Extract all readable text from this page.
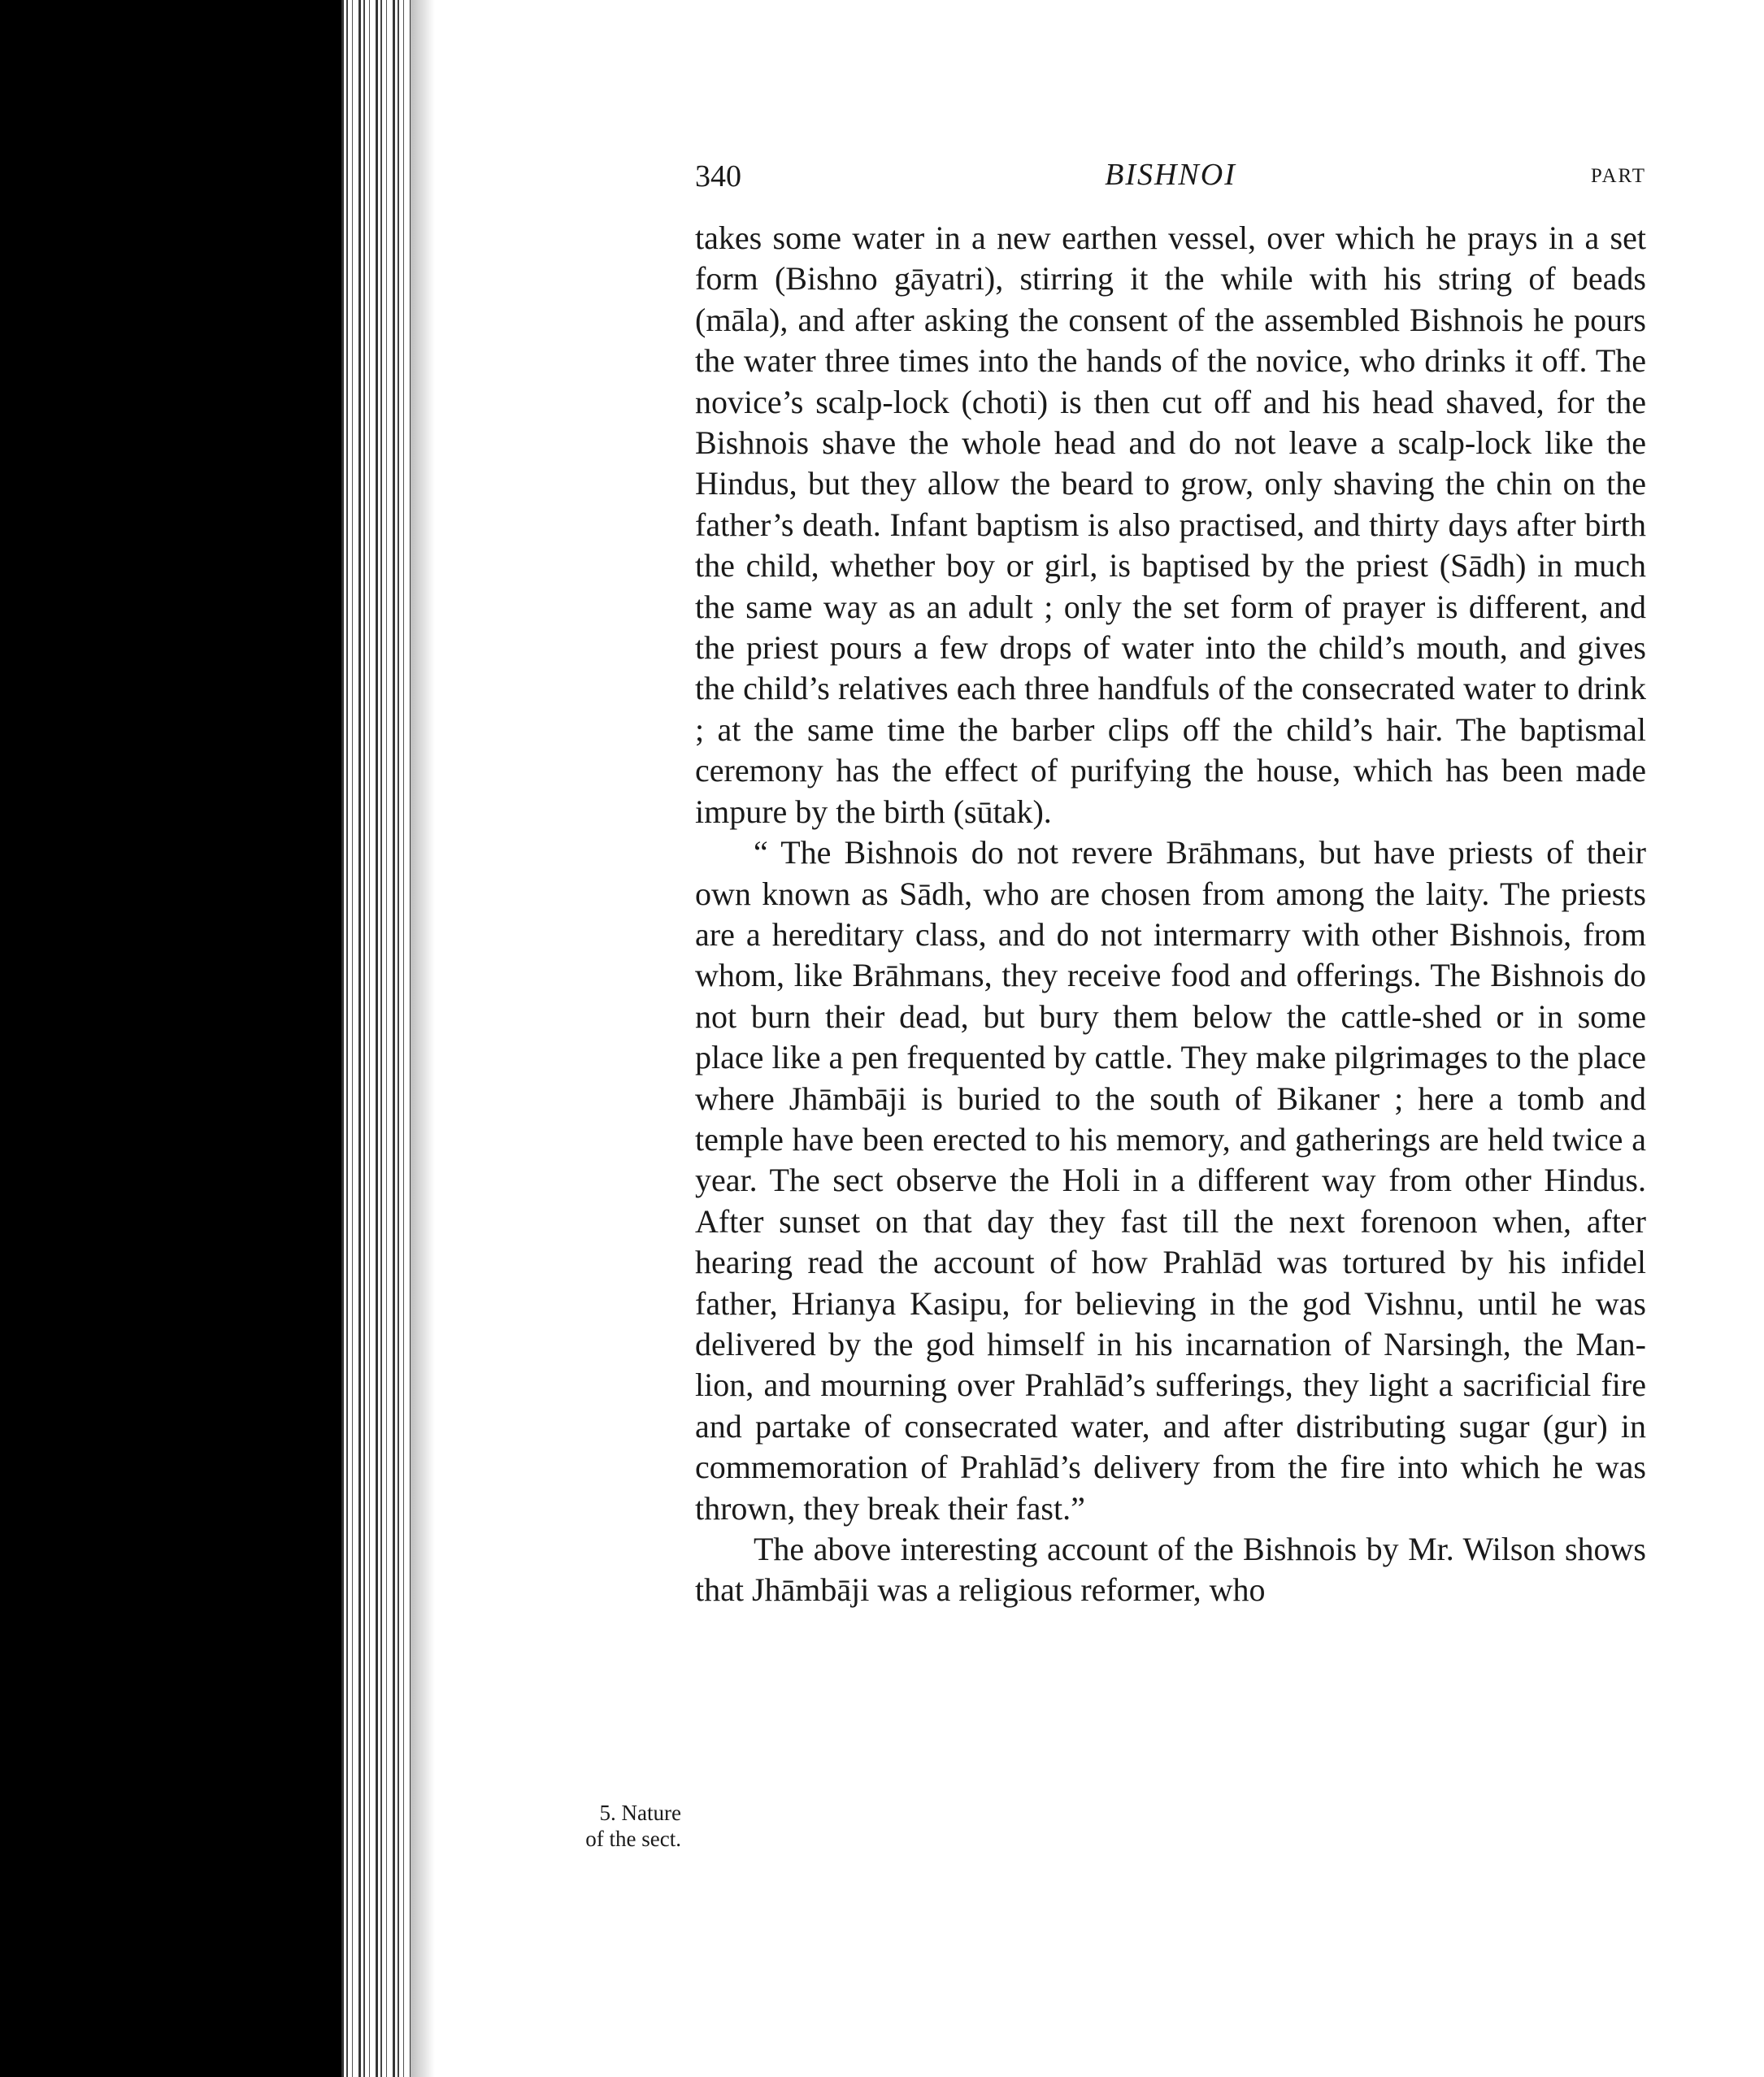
340	BISHNOI	PART

takes some water in a new earthen vessel, over which he prays in a set form (Bishno gāyatri), stirring it the while with his string of beads (māla), and after asking the consent of the assembled Bishnois he pours the water three times into the hands of the novice, who drinks it off. The novice’s scalp-lock (choti) is then cut off and his head shaved, for the Bishnois shave the whole head and do not leave a scalp-lock like the Hindus, but they allow the beard to grow, only shaving the chin on the father’s death. Infant baptism is also practised, and thirty days after birth the child, whether boy or girl, is baptised by the priest (Sādh) in much the same way as an adult ; only the set form of prayer is different, and the priest pours a few drops of water into the child’s mouth, and gives the child’s relatives each three handfuls of the consecrated water to drink ; at the same time the barber clips off the child’s hair. The baptismal ceremony has the effect of purifying the house, which has been made impure by the birth (sūtak).

“ The Bishnois do not revere Brāhmans, but have priests of their own known as Sādh, who are chosen from among the laity. The priests are a hereditary class, and do not intermarry with other Bishnois, from whom, like Brāhmans, they receive food and offerings. The Bishnois do not burn their dead, but bury them below the cattle-shed or in some place like a pen frequented by cattle. They make pilgrimages to the place where Jhāmbāji is buried to the south of Bikaner ; here a tomb and temple have been erected to his memory, and gatherings are held twice a year. The sect observe the Holi in a different way from other Hindus. After sunset on that day they fast till the next forenoon when, after hearing read the account of how Prahlād was tortured by his infidel father, Hrianya Kasipu, for believing in the god Vishnu, until he was delivered by the god himself in his incarnation of Narsingh, the Man-lion, and mourning over Prahlād’s sufferings, they light a sacrificial fire and partake of consecrated water, and after distributing sugar (gur) in commemoration of Prahlād’s delivery from the fire into which he was thrown, they break their fast.”

The above interesting account of the Bishnois by Mr. Wilson shows that Jhāmbāji was a religious reformer, who

5. Nature
of the sect.
